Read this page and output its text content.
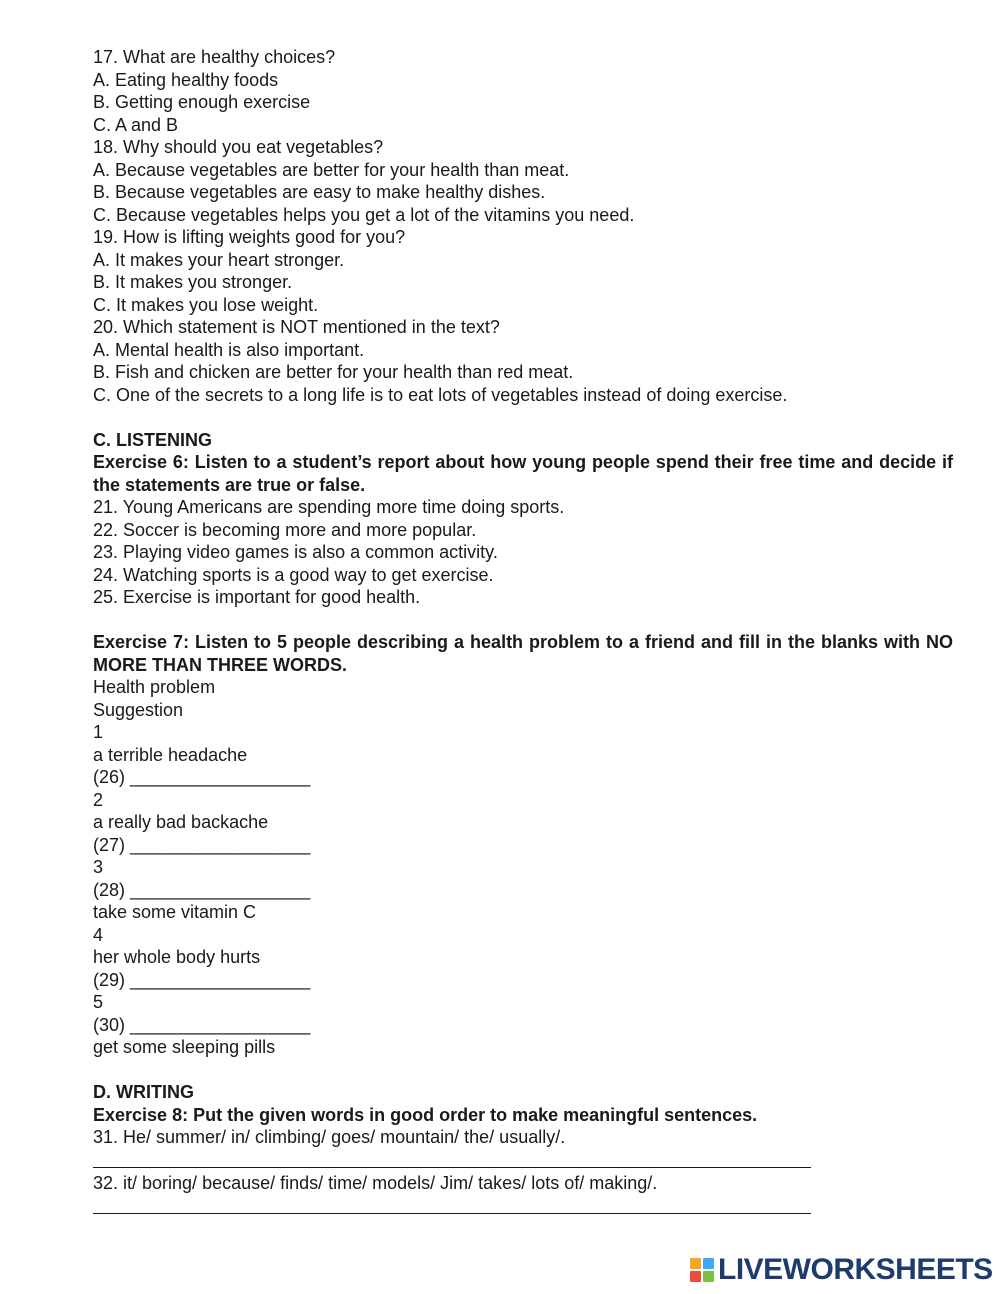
17. What are healthy choices?
A. Eating healthy foods
B. Getting enough exercise
C. A and B
18. Why should you eat vegetables?
A. Because vegetables are better for your health than meat.
B. Because vegetables are easy to make healthy dishes.
C. Because vegetables helps you get a lot of the vitamins you need.
19. How is lifting weights good for you?
A. It makes your heart stronger.
B. It makes you stronger.
C. It makes you lose weight.
20. Which statement is NOT mentioned in the text?
A. Mental health is also important.
B. Fish and chicken are better for your health than red meat.
C. One of the secrets to a long life is to eat lots of vegetables instead of doing exercise.
C. LISTENING
Exercise 6: Listen to a student’s report about how young people spend their free time and decide if the statements are true or false.
21. Young Americans are spending more time doing sports.
22. Soccer is becoming more and more popular.
23. Playing video games is also a common activity.
24. Watching sports is a good way to get exercise.
25. Exercise is important for good health.
Exercise 7: Listen to 5 people describing a health problem to a friend and fill in the blanks with NO MORE THAN THREE WORDS.
Health problem
Suggestion
1
a terrible headache
(26) __________________
2
a really bad backache
(27) __________________
3
(28) __________________
take some vitamin C
4
her whole body hurts
(29) __________________
5
(30) __________________
get some sleeping pills
D. WRITING
Exercise 8: Put the given words in good order to make meaningful sentences.
31. He/ summer/ in/ climbing/ goes/ mountain/ the/ usually/.
32. it/ boring/ because/ finds/ time/ models/ Jim/ takes/ lots of/ making/.
LIVEWORKSHEETS
